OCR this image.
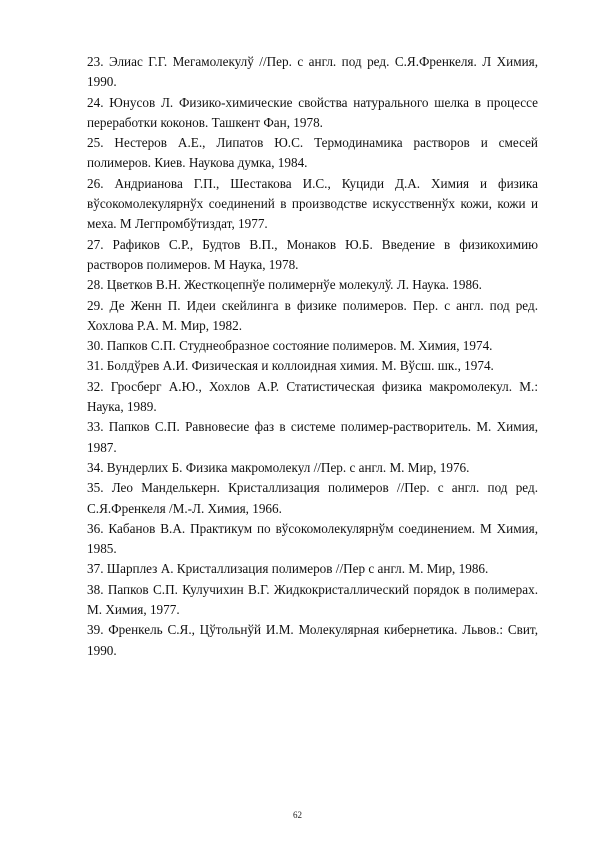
23. Элиас Г.Г. Мегамолекулў //Пер. с англ. под ред. С.Я.Френкеля. Л Химия, 1990.

24. Юнусов Л. Физико-химические свойства натурального шелка в процессе переработки коконов. Ташкент Фан, 1978.

25. Нестеров А.Е., Липатов Ю.С. Термодинамика растворов и смесей полимеров. Киев. Наукова думка, 1984.

26. Андрианова Г.П., Шестакова И.С., Куциди Д.А. Химия и физика вўсокомолекулярнўх соединений в производстве искусственнўх кожи, кожи и меха. М Легпромбўтиздат, 1977.

27. Рафиков С.Р., Будтов В.П., Монаков Ю.Б. Введение в физикохимию растворов полимеров. М Наука, 1978.

28. Цветков В.Н. Жесткоцепнўе полимернўе молекулў. Л. Наука. 1986.

29. Де Женн П. Идеи скейлинга в физике полимеров. Пер. с англ. под ред. Хохлова Р.А. М. Мир, 1982.

30. Папков С.П. Студнеобразное состояние полимеров. М. Химия, 1974.

31. Болдўрев А.И. Физическая и коллоидная химия. М. Вўсш. шк., 1974.

32. Гросберг А.Ю., Хохлов А.Р. Статистическая физика макромолекул. М.: Наука, 1989.

33. Папков С.П. Равновесие фаз в системе полимер-растворитель. М. Химия, 1987.

34. Вундерлих Б. Физика макромолекул //Пер. с англ. М. Мир, 1976.

35. Лео Манделькерн. Кристаллизация полимеров //Пер. с англ. под ред. С.Я.Френкеля /М.-Л. Химия, 1966.

36. Кабанов В.А. Практикум по вўсокомолекулярнўм соединением. М Химия, 1985.

37. Шарплез А. Кристаллизация полимеров //Пер с англ. М. Мир, 1986.

38. Папков С.П. Кулучихин В.Г. Жидкокристаллический порядок в полимерах. М. Химия, 1977.

39. Френкель С.Я., Цўтольнўй И.М. Молекулярная кибернетика. Львов.: Свит, 1990.

62
